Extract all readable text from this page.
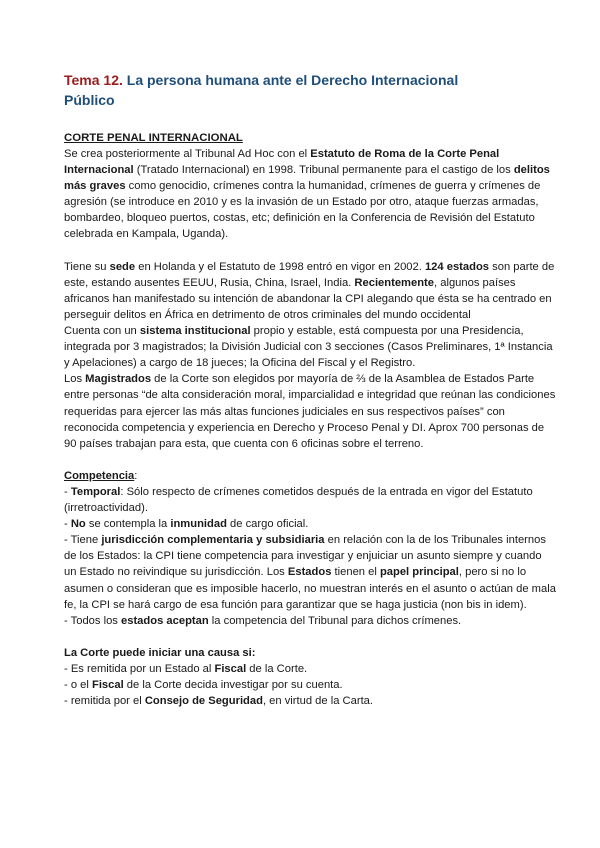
Tema 12. La persona humana ante el Derecho Internacional Público

CORTE PENAL INTERNACIONAL

Se crea posteriormente al Tribunal Ad Hoc con el Estatuto de Roma de la Corte Penal Internacional (Tratado Internacional) en 1998. Tribunal permanente para el castigo de los delitos más graves como genocidio, crímenes contra la humanidad, crímenes de guerra y crímenes de agresión (se introduce en 2010 y es la invasión de un Estado por otro, ataque fuerzas armadas, bombardeo, bloqueo puertos, costas, etc; definición en la Conferencia de Revisión del Estatuto celebrada en Kampala, Uganda).

Tiene su sede en Holanda y el Estatuto de 1998 entró en vigor en 2002. 124 estados son parte de este, estando ausentes EEUU, Rusia, China, Israel, India. Recientemente, algunos países africanos han manifestado su intención de abandonar la CPI alegando que ésta se ha centrado en perseguir delitos en África en detrimento de otros criminales del mundo occidental

Cuenta con un sistema institucional propio y estable, está compuesta por una Presidencia, integrada por 3 magistrados; la División Judicial con 3 secciones (Casos Preliminares, 1ª Instancia y Apelaciones) a cargo de 18 jueces; la Oficina del Fiscal y el Registro.

Los Magistrados de la Corte son elegidos por mayoría de ⅔ de la Asamblea de Estados Parte entre personas “de alta consideración moral, imparcialidad e integridad que reúnan las condiciones requeridas para ejercer las más altas funciones judiciales en sus respectivos países” con reconocida competencia y experiencia en Derecho y Proceso Penal y DI. Aprox 700 personas de 90 países trabajan para esta, que cuenta con 6 oficinas sobre el terreno.

Competencia:

- Temporal: Sólo respecto de crímenes cometidos después de la entrada en vigor del Estatuto (irretroactividad).

- No se contempla la inmunidad de cargo oficial.

- Tiene jurisdicción complementaria y subsidiaria en relación con la de los Tribunales internos de los Estados: la CPI tiene competencia para investigar y enjuiciar un asunto siempre y cuando un Estado no reivindique su jurisdicción. Los Estados tienen el papel principal, pero si no lo asumen o consideran que es imposible hacerlo, no muestran interés en el asunto o actúan de mala fe, la CPI se hará cargo de esa función para garantizar que se haga justicia (non bis in idem).

- Todos los estados aceptan la competencia del Tribunal para dichos crímenes.

La Corte puede iniciar una causa si:

- Es remitida por un Estado al Fiscal de la Corte.

- o el Fiscal de la Corte decida investigar por su cuenta.

- remitida por el Consejo de Seguridad, en virtud de la Carta.
